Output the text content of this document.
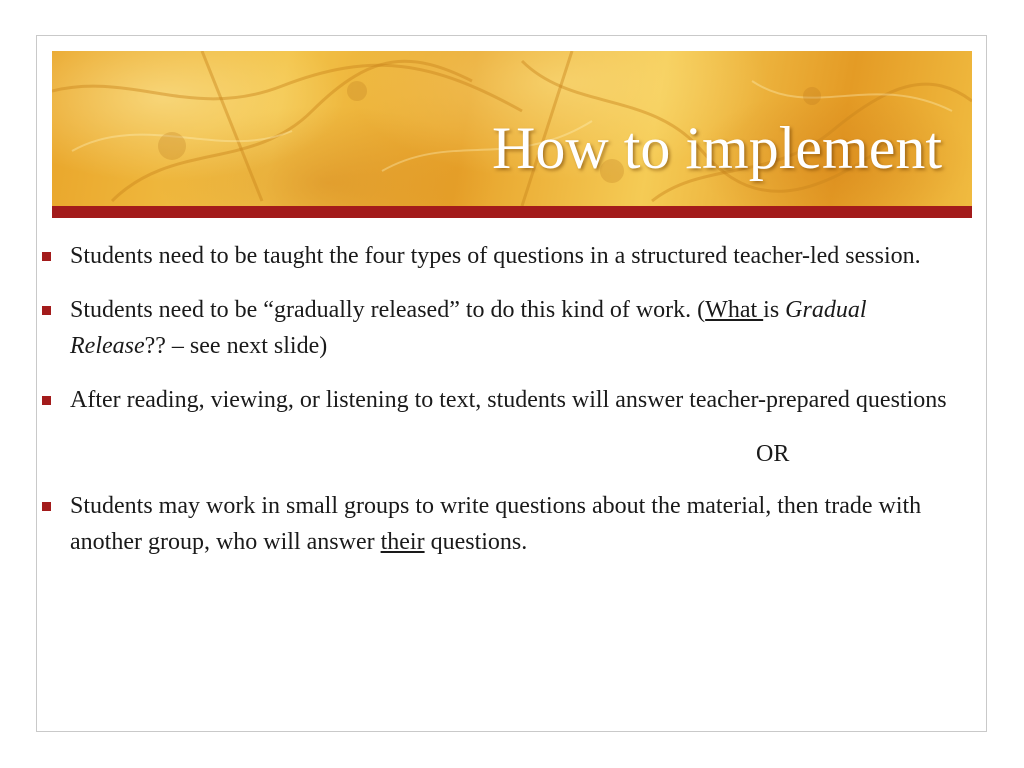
How to implement
Students need to be taught the four types of questions in a structured teacher-led session.
Students need to be “gradually released” to do this kind of work. (What is Gradual Release?? – see next slide)
After reading, viewing, or listening to text, students will answer teacher-prepared questions
OR
Students may work in small groups to write questions about the material, then trade with another group, who will answer their questions.
